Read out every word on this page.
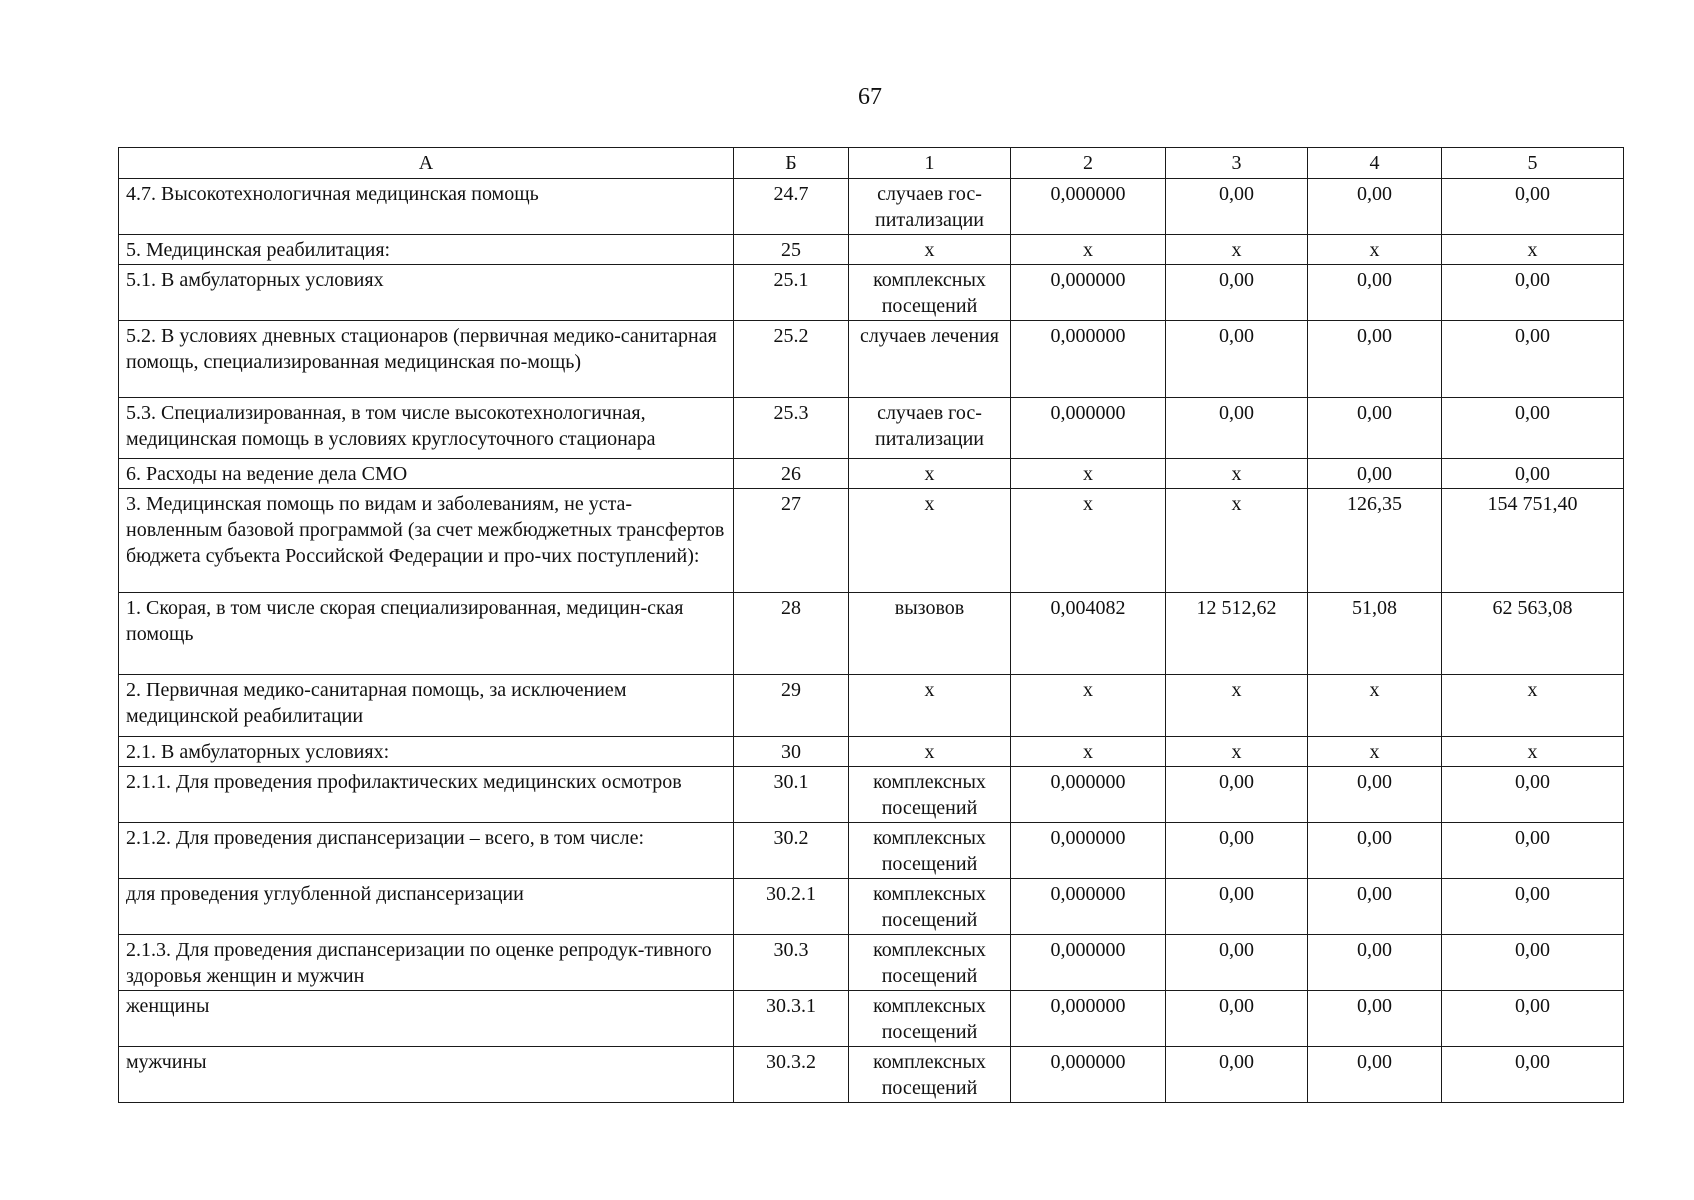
67
А	Б	1	2	3	4	5
4.7. Высокотехнологичная медицинская помощь	24.7	случаев гос-питализации	0,000000	0,00	0,00	0,00
5. Медицинская реабилитация:	25	х	х	х	х	х
5.1. В амбулаторных условиях	25.1	комплексных посещений	0,000000	0,00	0,00	0,00
5.2. В условиях дневных стационаров (первичная медико-санитарная помощь, специализированная медицинская по-мощь)	25.2	случаев лечения	0,000000	0,00	0,00	0,00
5.3. Специализированная, в том числе высокотехнологичная, медицинская помощь в условиях круглосуточного стационара	25.3	случаев гос-питализации	0,000000	0,00	0,00	0,00
6. Расходы на ведение дела СМО	26	х	х	х	0,00	0,00
3. Медицинская помощь по видам и заболеваниям, не уста-новленным базовой программой (за счет межбюджетных трансфертов бюджета субъекта Российской Федерации и про-чих поступлений):	27	х	х	х	126,35	154 751,40
1. Скорая, в том числе скорая специализированная, медицин-ская помощь	28	вызовов	0,004082	12 512,62	51,08	62 563,08
2. Первичная медико-санитарная помощь, за исключением медицинской реабилитации	29	х	х	х	х	х
2.1. В амбулаторных условиях:	30	х	х	х	х	х
2.1.1. Для проведения профилактических медицинских осмотров	30.1	комплексных посещений	0,000000	0,00	0,00	0,00
2.1.2. Для проведения диспансеризации – всего, в том числе:	30.2	комплексных посещений	0,000000	0,00	0,00	0,00
для проведения углубленной диспансеризации	30.2.1	комплексных посещений	0,000000	0,00	0,00	0,00
2.1.3. Для проведения диспансеризации по оценке репродук-тивного здоровья женщин и мужчин	30.3	комплексных посещений	0,000000	0,00	0,00	0,00
женщины	30.3.1	комплексных посещений	0,000000	0,00	0,00	0,00
мужчины	30.3.2	комплексных посещений	0,000000	0,00	0,00	0,00
